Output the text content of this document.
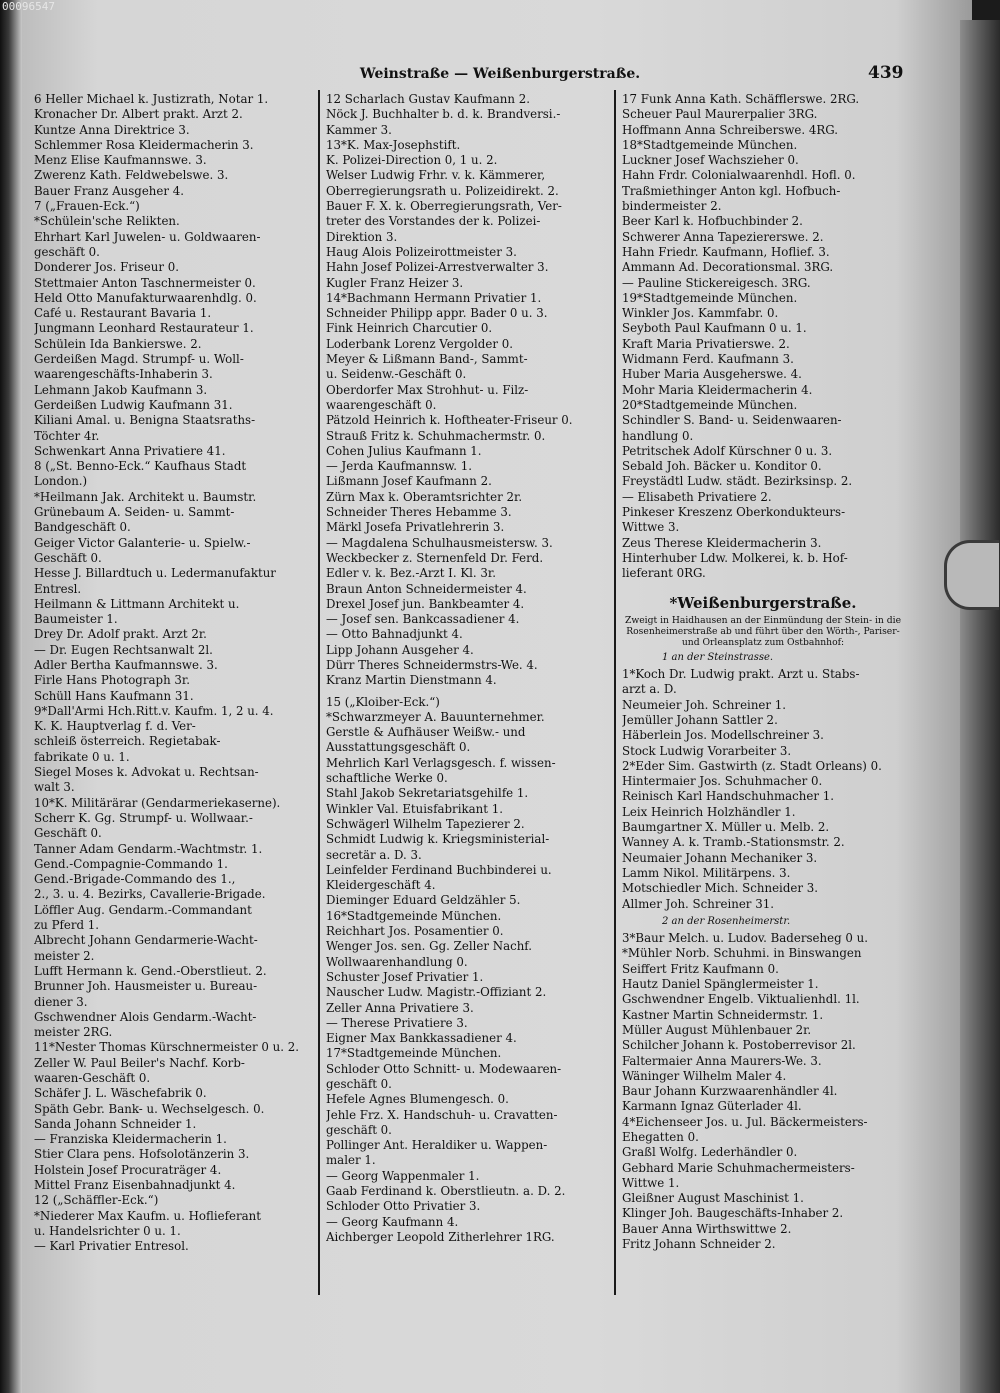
00096547
Weinstraße — Weißenburgerstraße.	439
6 Heller Michael k. Justizrath, Notar 1.
Kronacher Dr. Albert prakt. Arzt 2.
Kuntze Anna Direktrice 3.
Schlemmer Rosa Kleidermacherin 3.
Menz Elise Kaufmannswe. 3.
Zwerenz Kath. Feldwebelswe. 3.
Bauer Franz Ausgeher 4.
7 („Frauen-Eck.“)
*Schülein'sche Relikten.
Ehrhart Karl Juwelen- u. Goldwaaren-
geschäft 0.
Donderer Jos. Friseur 0.
Stettmaier Anton Taschnermeister 0.
Held Otto Manufakturwaarenhdlg. 0.
Café u. Restaurant Bavaria 1.
Jungmann Leonhard Restaurateur 1.
Schülein Ida Bankierswe. 2.
Gerdeißen Magd. Strumpf- u. Woll-
waarengeschäfts-Inhaberin 3.
Lehmann Jakob Kaufmann 3.
Gerdeißen Ludwig Kaufmann 31.
Kiliani Amal. u. Benigna Staatsraths-
Töchter 4r.
Schwenkart Anna Privatiere 41.
8 („St. Benno-Eck.“ Kaufhaus Stadt
London.)
*Heilmann Jak. Architekt u. Baumstr.
Grünebaum A. Seiden- u. Sammt-
Bandgeschäft 0.
Geiger Victor Galanterie- u. Spielw.-
Geschäft 0.
Hesse J. Billardtuch u. Ledermanufaktur
Entresl.
Heilmann & Littmann Architekt u.
Baumeister 1.
Drey Dr. Adolf prakt. Arzt 2r.
— Dr. Eugen Rechtsanwalt 2l.
Adler Bertha Kaufmannswe. 3.
Firle Hans Photograph 3r.
Schüll Hans Kaufmann 31.
9*Dall'Armi Hch.Ritt.v. Kaufm. 1, 2 u. 4.
K. K. Hauptverlag f. d. Ver-
schleiß österreich. Regietabak-
fabrikate 0 u. 1.
Siegel Moses k. Advokat u. Rechtsan-
walt 3.
10*K. Militärärar (Gendarmeriekaserne).
Scherr K. Gg. Strumpf- u. Wollwaar.-
Geschäft 0.
Tanner Adam Gendarm.-Wachtmstr. 1.
Gend.-Compagnie-Commando 1.
Gend.-Brigade-Commando des 1.,
2., 3. u. 4. Bezirks, Cavallerie-Brigade.
Löffler Aug. Gendarm.-Commandant
zu Pferd 1.
Albrecht Johann Gendarmerie-Wacht-
meister 2.
Lufft Hermann k. Gend.-Oberstlieut. 2.
Brunner Joh. Hausmeister u. Bureau-
diener 3.
Gschwendner Alois Gendarm.-Wacht-
meister 2RG.
11*Nester Thomas Kürschnermeister 0 u. 2.
Zeller W. Paul Beiler's Nachf. Korb-
waaren-Geschäft 0.
Schäfer J. L. Wäschefabrik 0.
Späth Gebr. Bank- u. Wechselgesch. 0.
Sanda Johann Schneider 1.
— Franziska Kleidermacherin 1.
Stier Clara pens. Hofsolotänzerin 3.
Holstein Josef Procuraträger 4.
Mittel Franz Eisenbahnadjunkt 4.
12 („Schäffler-Eck.“)
*Niederer Max Kaufm. u. Hoflieferant
u. Handelsrichter 0 u. 1.
— Karl Privatier Entresol.
12 Scharlach Gustav Kaufmann 2.
Nöck J. Buchhalter b. d. k. Brandversi.-
Kammer 3.
13*K. Max-Josephstift.
K. Polizei-Direction 0, 1 u. 2.
Welser Ludwig Frhr. v. k. Kämmerer,
Oberregierungsrath u. Polizeidirekt. 2.
Bauer F. X. k. Oberregierungsrath, Ver-
treter des Vorstandes der k. Polizei-
Direktion 3.
Haug Alois Polizeirottmeister 3.
Hahn Josef Polizei-Arrestverwalter 3.
Kugler Franz Heizer 3.
14*Bachmann Hermann Privatier 1.
Schneider Philipp appr. Bader 0 u. 3.
Fink Heinrich Charcutier 0.
Loderbank Lorenz Vergolder 0.
Meyer & Lißmann Band-, Sammt-
u. Seidenw.-Geschäft 0.
Oberdorfer Max Strohhut- u. Filz-
waarengeschäft 0.
Pätzold Heinrich k. Hoftheater-Friseur 0.
Strauß Fritz k. Schuhmachermstr. 0.
Cohen Julius Kaufmann 1.
— Jerda Kaufmannsw. 1.
Lißmann Josef Kaufmann 2.
Zürn Max k. Oberamtsrichter 2r.
Schneider Theres Hebamme 3.
Märkl Josefa Privatlehrerin 3.
— Magdalena Schulhausmeistersw. 3.
Weckbecker z. Sternenfeld Dr. Ferd.
Edler v. k. Bez.-Arzt I. Kl. 3r.
Braun Anton Schneidermeister 4.
Drexel Josef jun. Bankbeamter 4.
— Josef sen. Bankcassadiener 4.
— Otto Bahnadjunkt 4.
Lipp Johann Ausgeher 4.
Dürr Theres Schneidermstrs-We. 4.
Kranz Martin Dienstmann 4.
15 („Kloiber-Eck.“)
*Schwarzmeyer A. Bauunternehmer.
Gerstle & Aufhäuser Weißw.- und
Ausstattungsgeschäft 0.
Mehrlich Karl Verlagsgesch. f. wissen-
schaftliche Werke 0.
Stahl Jakob Sekretariatsgehilfe 1.
Winkler Val. Etuisfabrikant 1.
Schwägerl Wilhelm Tapezierer 2.
Schmidt Ludwig k. Kriegsministerial-
secretär a. D. 3.
Leinfelder Ferdinand Buchbinderei u.
Kleidergeschäft 4.
Dieminger Eduard Geldzähler 5.
16*Stadtgemeinde München.
Reichhart Jos. Posamentier 0.
Wenger Jos. sen. Gg. Zeller Nachf.
Wollwaarenhandlung 0.
Schuster Josef Privatier 1.
Nauscher Ludw. Magistr.-Offiziant 2.
Zeller Anna Privatiere 3.
— Therese Privatiere 3.
Eigner Max Bankkassadiener 4.
17*Stadtgemeinde München.
Schloder Otto Schnitt- u. Modewaaren-
geschäft 0.
Hefele Agnes Blumengesch. 0.
Jehle Frz. X. Handschuh- u. Cravatten-
geschäft 0.
Pollinger Ant. Heraldiker u. Wappen-
maler 1.
— Georg Wappenmaler 1.
Gaab Ferdinand k. Oberstlieutn. a. D. 2.
Schloder Otto Privatier 3.
— Georg Kaufmann 4.
Aichberger Leopold Zitherlehrer 1RG.
17 Funk Anna Kath. Schäfflerswe. 2RG.
Scheuer Paul Maurerpalier 3RG.
Hoffmann Anna Schreiberswe. 4RG.
18*Stadtgemeinde München.
Luckner Josef Wachszieher 0.
Hahn Frdr. Colonialwaarenhdl. Hofl. 0.
Traßmiethinger Anton kgl. Hofbuch-
bindermeister 2.
Beer Karl k. Hofbuchbinder 2.
Schwerer Anna Tapeziererswe. 2.
Hahn Friedr. Kaufmann, Hoflief. 3.
Ammann Ad. Decorationsmal. 3RG.
— Pauline Stickereigesch. 3RG.
19*Stadtgemeinde München.
Winkler Jos. Kammfabr. 0.
Seyboth Paul Kaufmann 0 u. 1.
Kraft Maria Privatierswe. 2.
Widmann Ferd. Kaufmann 3.
Huber Maria Ausgeherswe. 4.
Mohr Maria Kleidermacherin 4.
20*Stadtgemeinde München.
Schindler S. Band- u. Seidenwaaren-
handlung 0.
Petritschek Adolf Kürschner 0 u. 3.
Sebald Joh. Bäcker u. Konditor 0.
Freystädtl Ludw. städt. Bezirksinsp. 2.
— Elisabeth Privatiere 2.
Pinkeser Kreszenz Oberkondukteurs-
Wittwe 3.
Zeus Therese Kleidermacherin 3.
Hinterhuber Ldw. Molkerei, k. b. Hof-
lieferant 0RG.
*Weißenburgerstraße.
Zweigt in Haidhausen an der Einmündung der Stein- in die Rosenheimerstraße ab und führt über den Wörth-, Pariser- und Orleansplatz zum Ostbahnhof:
1 an der Steinstrasse.
1*Koch Dr. Ludwig prakt. Arzt u. Stabs-
arzt a. D.
Neumeier Joh. Schreiner 1.
Jemüller Johann Sattler 2.
Häberlein Jos. Modellschreiner 3.
Stock Ludwig Vorarbeiter 3.
2*Eder Sim. Gastwirth (z. Stadt Orleans) 0.
Hintermaier Jos. Schuhmacher 0.
Reinisch Karl Handschuhmacher 1.
Leix Heinrich Holzhändler 1.
Baumgartner X. Müller u. Melb. 2.
Wanney A. k. Tramb.-Stationsmstr. 2.
Neumaier Johann Mechaniker 3.
Lamm Nikol. Militärpens. 3.
Motschiedler Mich. Schneider 3.
Allmer Joh. Schreiner 31.
2 an der Rosenheimerstr.
3*Baur Melch. u. Ludov. Baderseheg 0 u.
*Mühler Norb. Schuhmi. in Binswangen
Seiffert Fritz Kaufmann 0.
Hautz Daniel Spänglermeister 1.
Gschwendner Engelb. Viktualienhdl. 1l.
Kastner Martin Schneidermstr. 1.
Müller August Mühlenbauer 2r.
Schilcher Johann k. Postoberrevisor 2l.
Faltermaier Anna Maurers-We. 3.
Wäninger Wilhelm Maler 4.
Baur Johann Kurzwaarenhändler 4l.
Karmann Ignaz Güterlader 4l.
4*Eichenseer Jos. u. Jul. Bäckermeisters-
Ehegatten 0.
Graßl Wolfg. Lederhändler 0.
Gebhard Marie Schuhmachermeisters-
Wittwe 1.
Gleißner August Maschinist 1.
Klinger Joh. Baugeschäfts-Inhaber 2.
Bauer Anna Wirthswittwe 2.
Fritz Johann Schneider 2.
